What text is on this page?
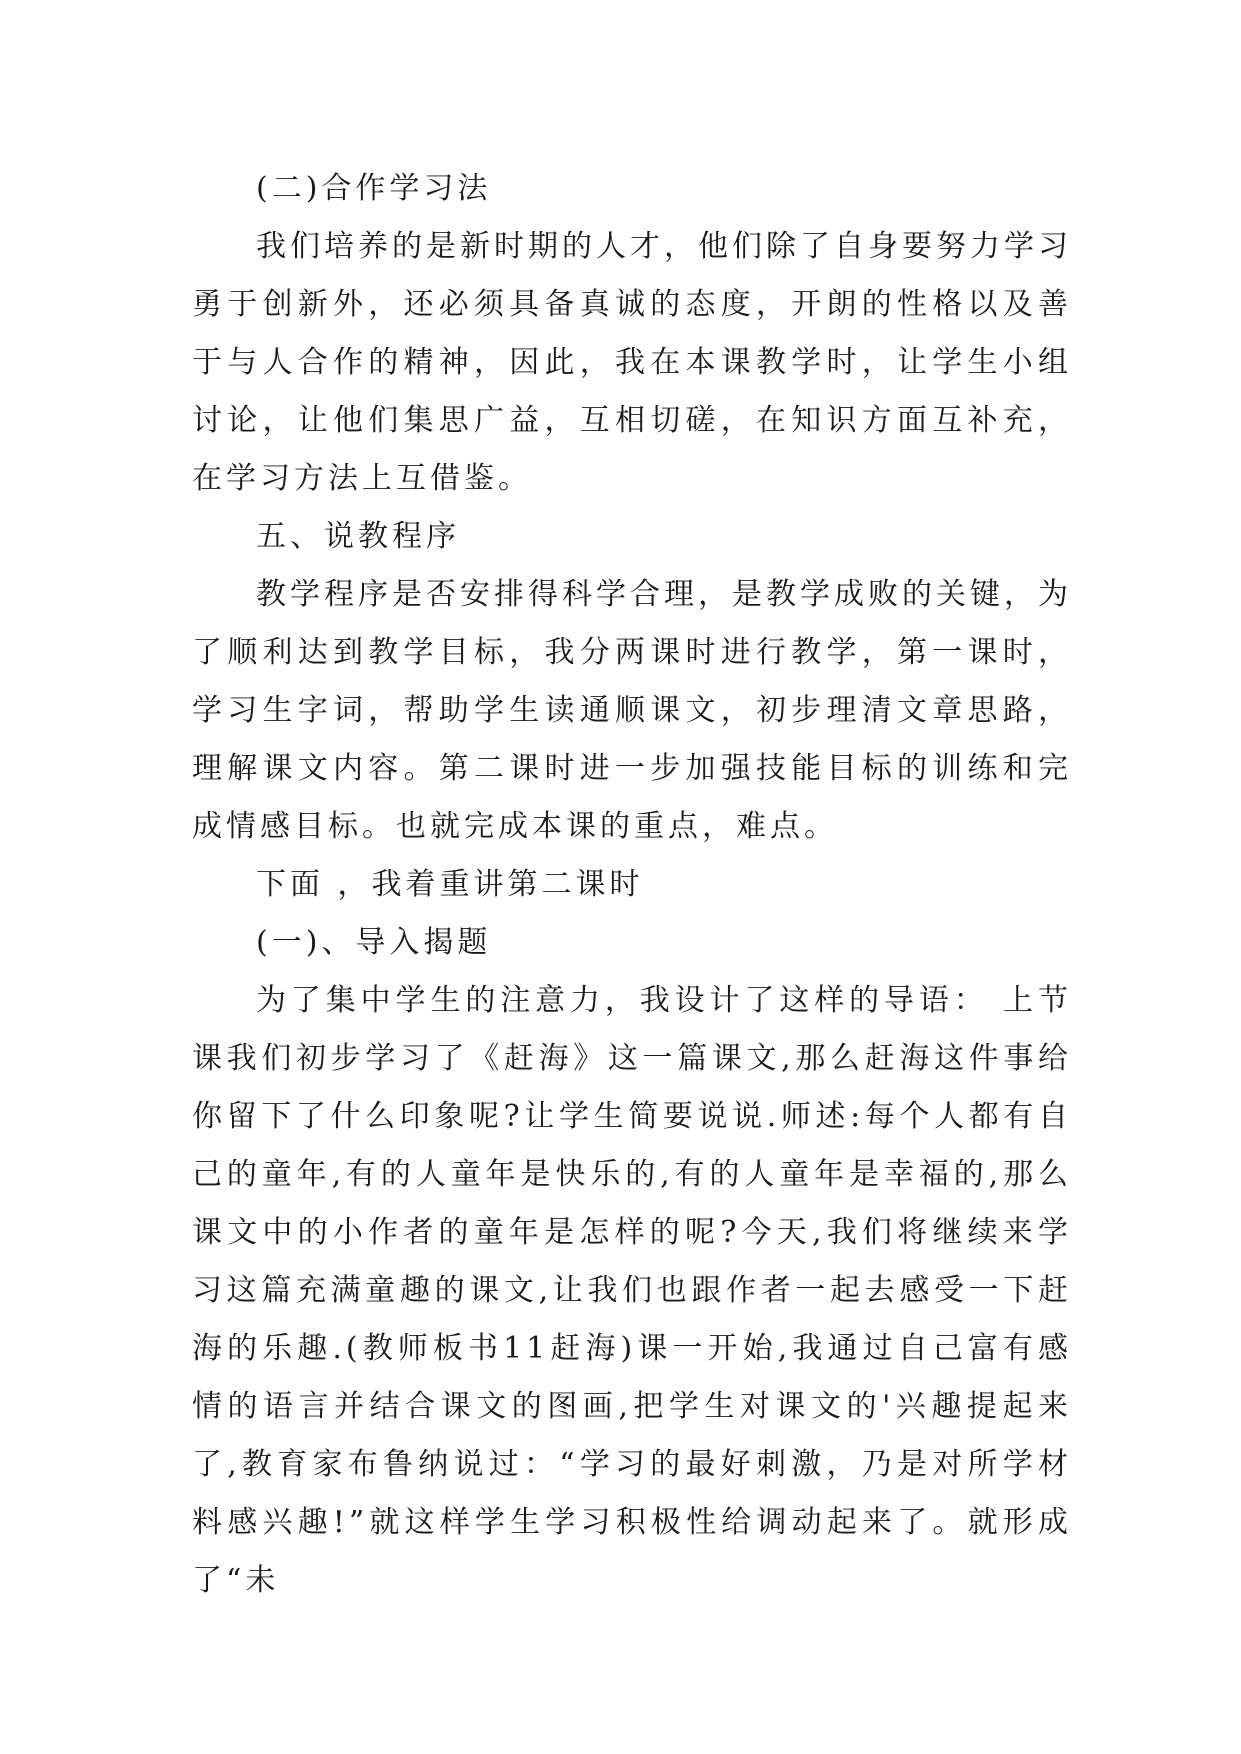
(二)合作学习法

我们培养的是新时期的人才，他们除了自身要努力学习勇于创新外，还必须具备真诚的态度，开朗的性格以及善于与人合作的精神，因此，我在本课教学时，让学生小组讨论，让他们集思广益，互相切磋，在知识方面互补充，在学习方法上互借鉴。

五、说教程序

教学程序是否安排得科学合理，是教学成败的关键，为了顺利达到教学目标，我分两课时进行教学，第一课时，学习生字词，帮助学生读通顺课文，初步理清文章思路，理解课文内容。第二课时进一步加强技能目标的训练和完成情感目标。也就完成本课的重点，难点。

下面 ，我着重讲第二课时

(一)、导入揭题

为了集中学生的注意力，我设计了这样的导语： 上节课我们初步学习了《赶海》这一篇课文,那么赶海这件事给你留下了什么印象呢?让学生简要说说.师述:每个人都有自己的童年,有的人童年是快乐的,有的人童年是幸福的,那么课文中的小作者的童年是怎样的呢?今天,我们将继续来学习这篇充满童趣的课文,让我们也跟作者一起去感受一下赶海的乐趣.(教师板书11赶海)课一开始,我通过自己富有感情的语言并结合课文的图画,把学生对课文的'兴趣提起来了,教育家布鲁纳说过：“学习的最好刺激，乃是对所学材料感兴趣!”就这样学生学习积极性给调动起来了。就形成了“未
